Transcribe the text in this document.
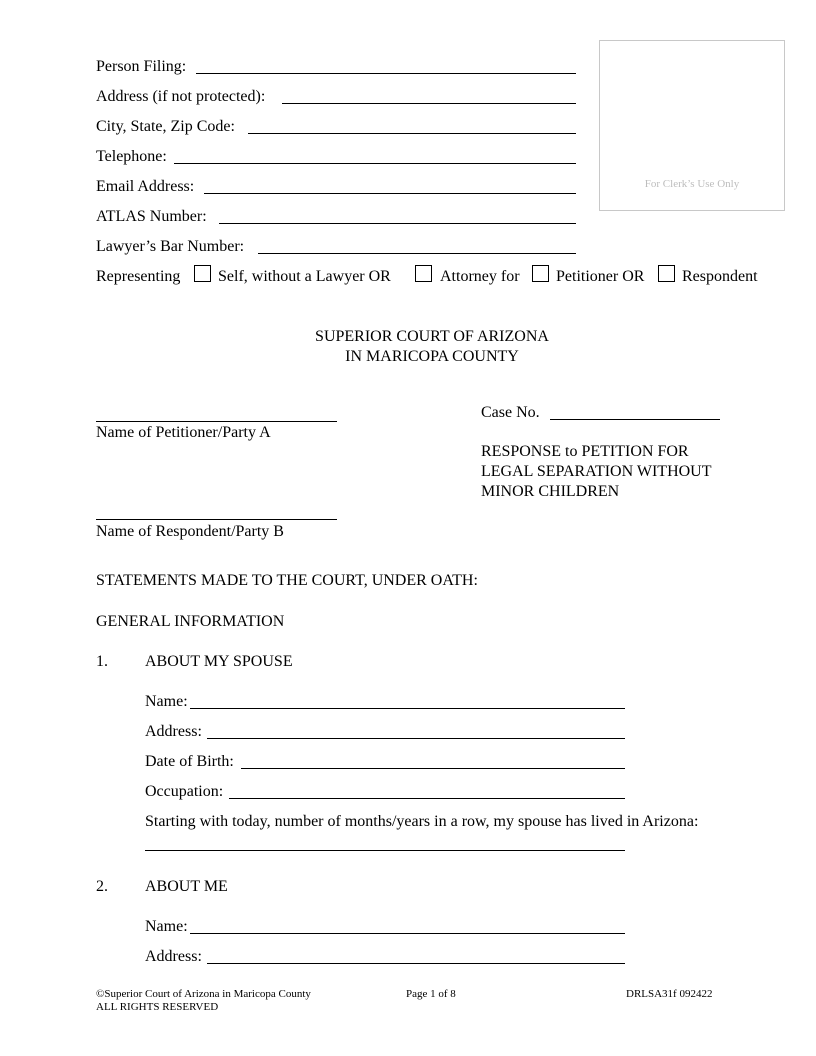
Person Filing:
Address (if not protected):
City, State, Zip Code:
Telephone:
Email Address:
ATLAS Number:
Lawyer’s Bar Number:
For Clerk’s Use Only
Representing Self, without a Lawyer OR	Attorney for Petitioner OR Respondent
SUPERIOR COURT OF ARIZONA
IN MARICOPA COUNTY
Name of Petitioner/Party A
Name of Respondent/Party B
Case No.
RESPONSE to PETITION FOR
LEGAL SEPARATION WITHOUT
MINOR CHILDREN
STATEMENTS MADE TO THE COURT, UNDER OATH:
GENERAL INFORMATION
1. ABOUT MY SPOUSE
Name:
Address:
Date of Birth:
Occupation:
Starting with today, number of months/years in a row, my spouse has lived in Arizona:
2. ABOUT ME
Name:
Address:
©Superior Court of Arizona in Maricopa County
ALL RIGHTS RESERVED
Page 1 of 8	DRLSA31f 092422
